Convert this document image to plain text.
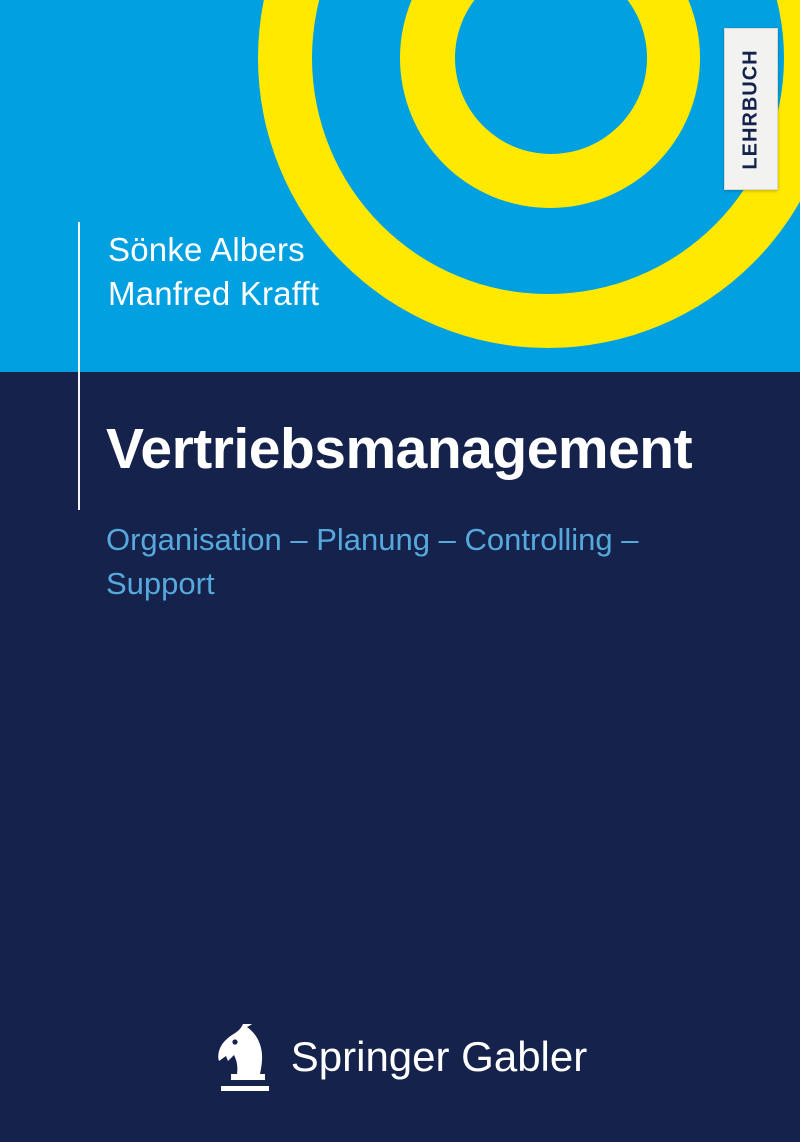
LEHRBUCH
Sönke Albers
Manfred Krafft
Vertriebsmanagement
Organisation – Planung – Controlling – Support
Springer Gabler
